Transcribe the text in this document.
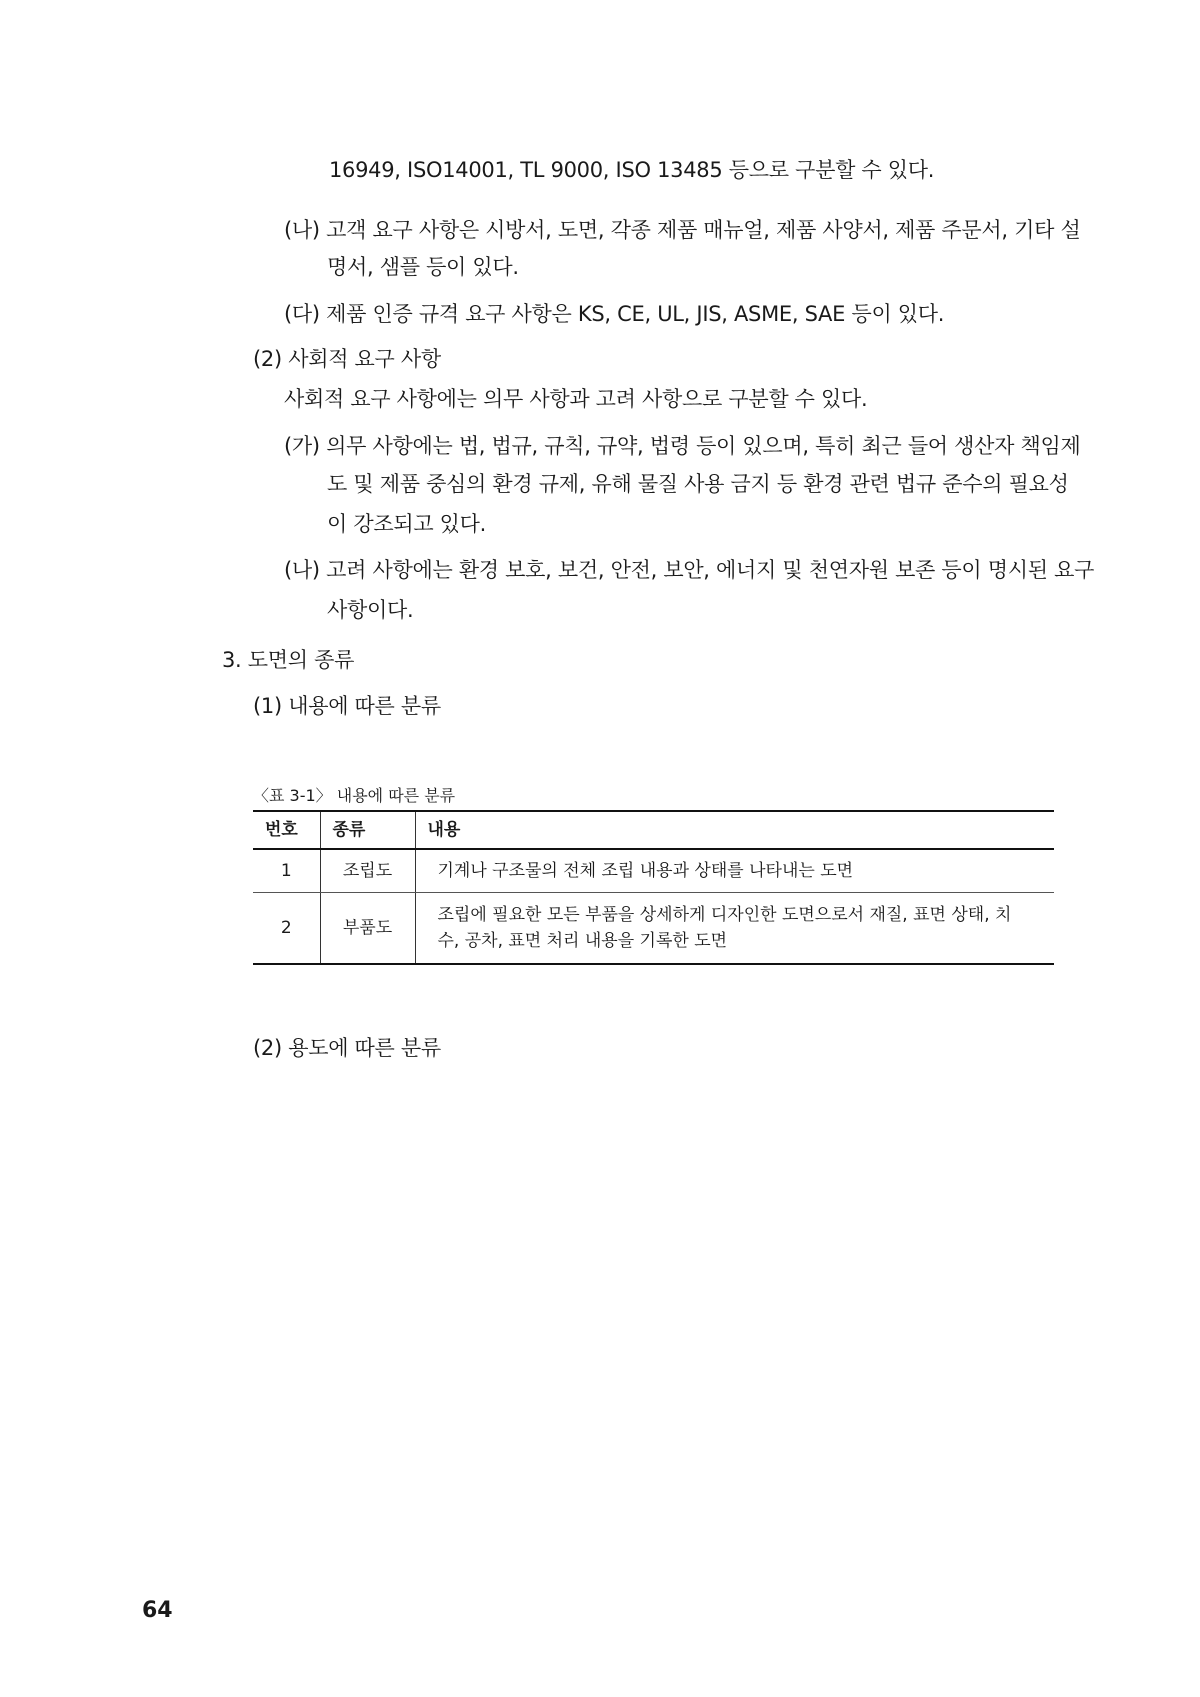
16949, ISO14001, TL 9000, ISO 13485 등으로 구분할 수 있다.
(나) 고객 요구 사항은 시방서, 도면, 각종 제품 매뉴얼, 제품 사양서, 제품 주문서, 기타 설
명서, 샘플 등이 있다.
(다) 제품 인증 규격 요구 사항은 KS, CE, UL, JIS, ASME, SAE 등이 있다.
(2) 사회적 요구 사항
사회적 요구 사항에는 의무 사항과 고려 사항으로 구분할 수 있다.
(가) 의무 사항에는 법, 법규, 규칙, 규약, 법령 등이 있으며, 특히 최근 들어 생산자 책임제
도 및 제품 중심의 환경 규제, 유해 물질 사용 금지 등 환경 관련 법규 준수의 필요성
이 강조되고 있다.
(나) 고려 사항에는 환경 보호, 보건, 안전, 보안, 에너지 및 천연자원 보존 등이 명시된 요구
사항이다.
3. 도면의 종류
(1) 내용에 따른 분류
〈표 3-1〉 내용에 따른 분류
번호	종류	내용
1	조립도	기계나 구조물의 전체 조립 내용과 상태를 나타내는 도면
2	부품도	조립에 필요한 모든 부품을 상세하게 디자인한 도면으로서 재질, 표면 상태, 치
수, 공차, 표면 처리 내용을 기록한 도면
(2) 용도에 따른 분류
64
